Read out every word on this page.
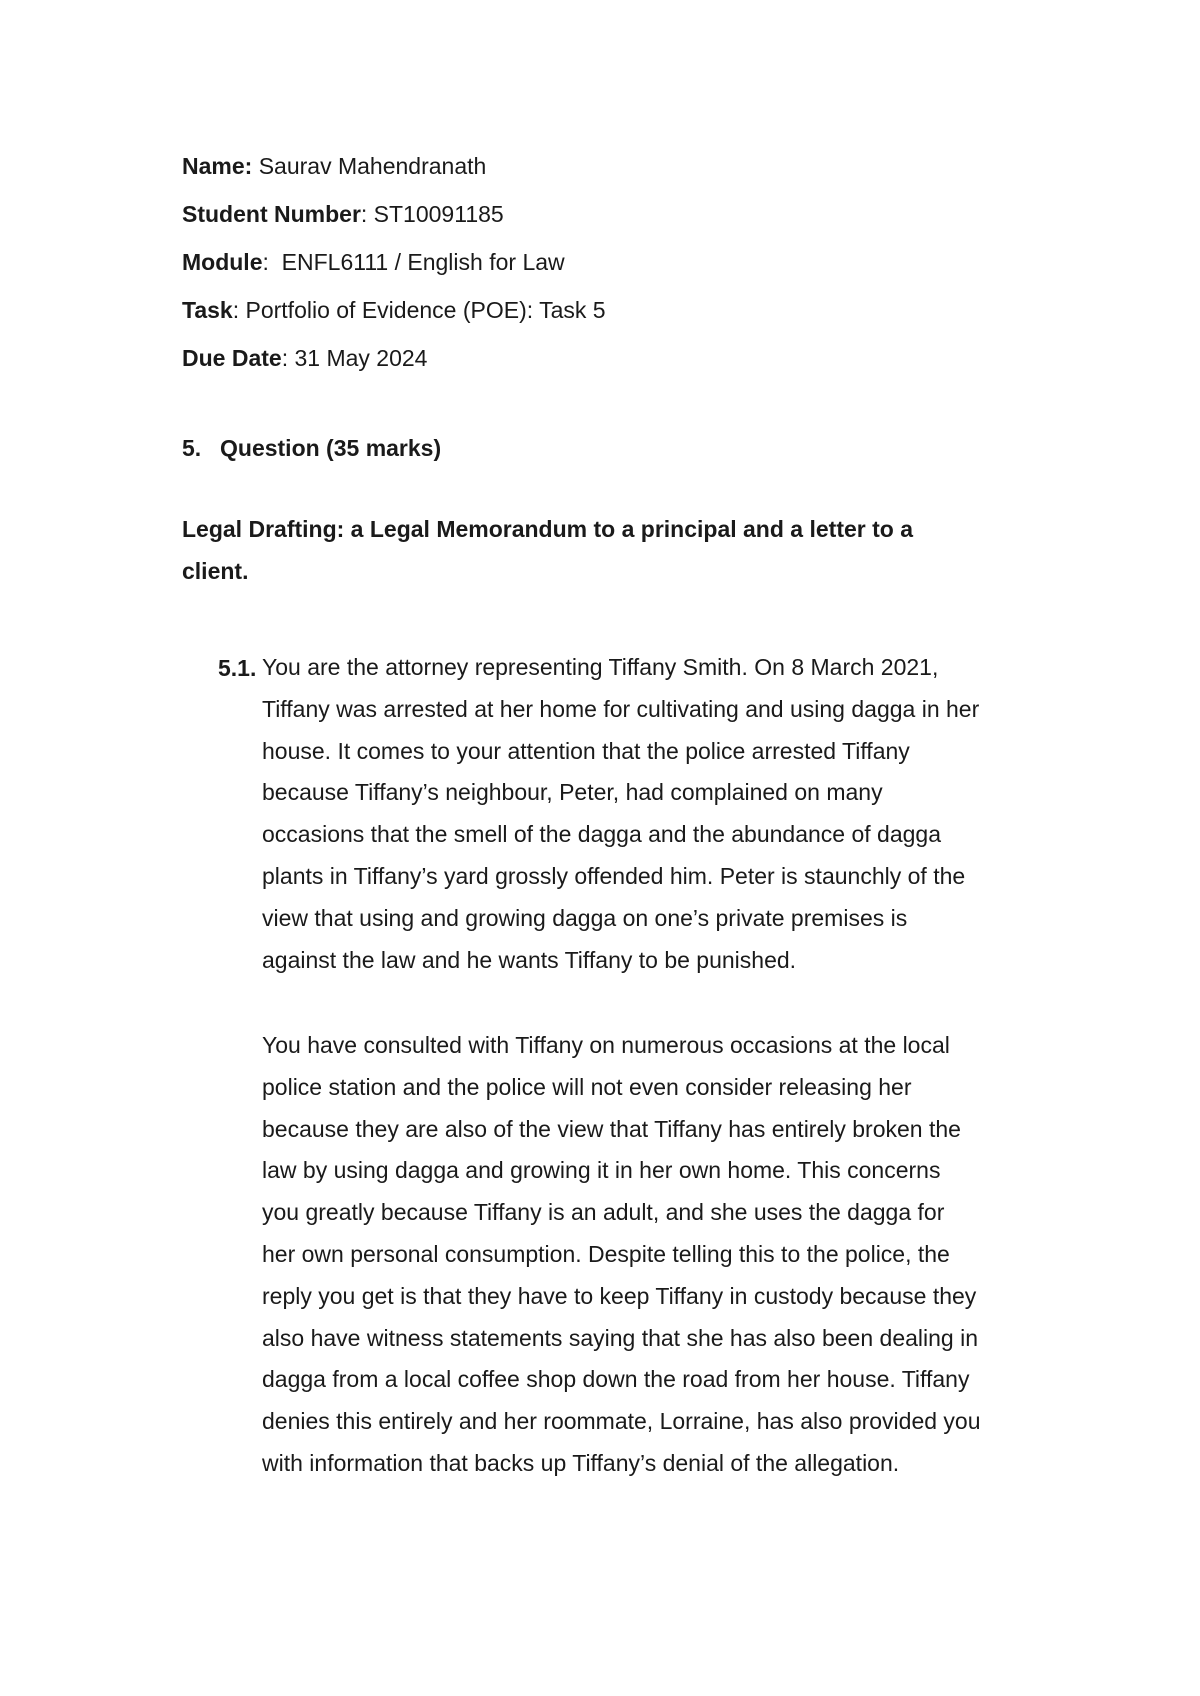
Name: Saurav Mahendranath
Student Number: ST10091185
Module:  ENFL6111 / English for Law
Task: Portfolio of Evidence (POE): Task 5
Due Date: 31 May 2024
5. Question (35 marks)
Legal Drafting: a Legal Memorandum to a principal and a letter to a client.
5.1. You are the attorney representing Tiffany Smith. On 8 March 2021,
Tiffany was arrested at her home for cultivating and using dagga in her
house. It comes to your attention that the police arrested Tiffany
because Tiffany’s neighbour, Peter, had complained on many
occasions that the smell of the dagga and the abundance of dagga
plants in Tiffany’s yard grossly offended him. Peter is staunchly of the
view that using and growing dagga on one’s private premises is
against the law and he wants Tiffany to be punished.
You have consulted with Tiffany on numerous occasions at the local
police station and the police will not even consider releasing her
because they are also of the view that Tiffany has entirely broken the
law by using dagga and growing it in her own home. This concerns
you greatly because Tiffany is an adult, and she uses the dagga for
her own personal consumption. Despite telling this to the police, the
reply you get is that they have to keep Tiffany in custody because they
also have witness statements saying that she has also been dealing in
dagga from a local coffee shop down the road from her house. Tiffany
denies this entirely and her roommate, Lorraine, has also provided you
with information that backs up Tiffany’s denial of the allegation.
